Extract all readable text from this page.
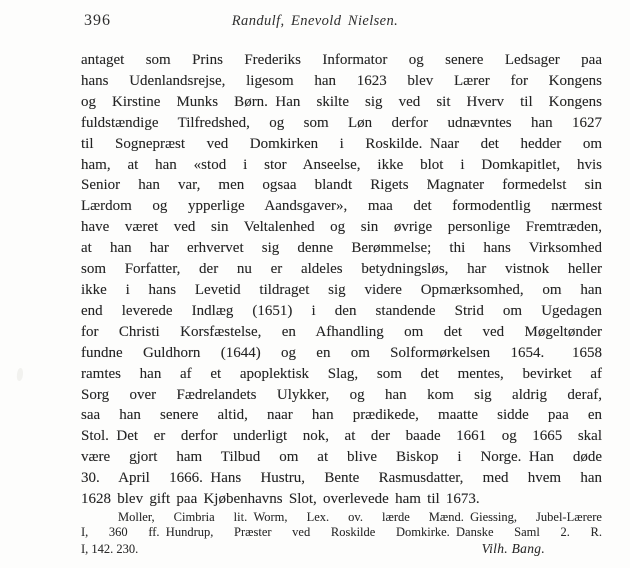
396	Randulf, Enevold Nielsen.
antaget som Prins Frederiks Informator og senere Ledsager paa
hans Udenlandsrejse, ligesom han 1623 blev Lærer for Kongens
og Kirstine Munks Børn. Han skilte sig ved sit Hverv til Kongens
fuldstændige Tilfredshed, og som Løn derfor udnævntes han 1627
til Sognepræst ved Domkirken i Roskilde. Naar det hedder om
ham, at han «stod i stor Anseelse, ikke blot i Domkapitlet, hvis
Senior han var, men ogsaa blandt Rigets Magnater formedelst sin
Lærdom og ypperlige Aandsgaver», maa det formodentlig nærmest
have været ved sin Veltalenhed og sin øvrige personlige Fremtræden,
at han har erhvervet sig denne Berømmelse; thi hans Virksomhed
som Forfatter, der nu er aldeles betydningsløs, har vistnok heller
ikke i hans Levetid tildraget sig videre Opmærksomhed, om han
end leverede Indlæg (1651) i den standende Strid om Ugedagen
for Christi Korsfæstelse, en Afhandling om det ved Møgeltønder
fundne Guldhorn (1644) og en om Solformørkelsen 1654.  1658
ramtes han af et apoplektisk Slag, som det mentes, bevirket af
Sorg over Fædrelandets Ulykker, og han kom sig aldrig deraf,
saa han senere altid, naar han prædikede, maatte sidde paa en
Stol. Det er derfor underligt nok, at der baade 1661 og 1665 skal
være gjort ham Tilbud om at blive Biskop i Norge. Han døde
30. April 1666. Hans Hustru, Bente Rasmusdatter, med hvem han
1628 blev gift paa Kjøbenhavns Slot, overlevede ham til 1673.
Moller, Cimbria lit. Worm, Lex. ov. lærde Mænd. Giessing, Jubel-Lærere
I, 360 ff. Hundrup, Præster ved Roskilde Domkirke. Danske Saml 2. R.
I, 142. 230.	Vilh. Bang.
